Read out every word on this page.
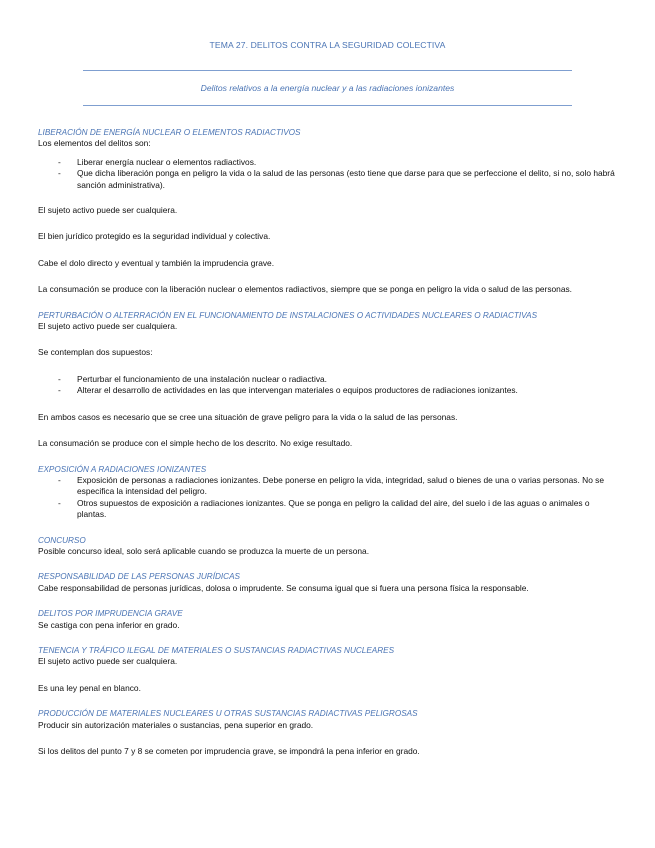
TEMA 27. DELITOS CONTRA LA SEGURIDAD COLECTIVA
Delitos relativos a la energía nuclear y a las radiaciones ionizantes

LIBERACIÓN DE ENERGÍA NUCLEAR O ELEMENTOS RADIACTIVOS

Los elementos del delitos son:

- Liberar energía nuclear o elementos radiactivos.
- Que dicha liberación ponga en peligro la vida o la salud de las personas (esto tiene que darse para que se perfeccione el delito, si no, solo habrá sanción administrativa).

El sujeto activo puede ser cualquiera.

El bien jurídico protegido es la seguridad individual y colectiva.

Cabe el dolo directo y eventual y también la imprudencia grave.

La consumación se produce con la liberación nuclear o elementos radiactivos, siempre que se ponga en peligro la vida o salud de las personas.

PERTURBACIÓN O ALTERRACIÓN EN EL FUNCIONAMIENTO DE INSTALACIONES O ACTIVIDADES NUCLEARES O RADIACTIVAS

El sujeto activo puede ser cualquiera.

Se contemplan dos supuestos:

- Perturbar el funcionamiento de una instalación nuclear o radiactiva.
- Alterar el desarrollo de actividades en las que intervengan materiales o equipos productores de radiaciones ionizantes.

En ambos casos es necesario que se cree una situación de grave peligro para la vida o la salud de las personas.

La consumación se produce con el simple hecho de los descrito. No exige resultado.

EXPOSICIÓN A RADIACIONES IONIZANTES

- Exposición de personas a radiaciones ionizantes. Debe ponerse en peligro la vida, integridad, salud o bienes de una o varias personas. No se especifica la intensidad del peligro.
- Otros supuestos de exposición a radiaciones ionizantes. Que se ponga en peligro la calidad del aire, del suelo i de las aguas o animales o plantas.

CONCURSO

Posible concurso ideal, solo será aplicable cuando se produzca la muerte de un persona.

RESPONSABILIDAD DE LAS PERSONAS JURÍDICAS

Cabe responsabilidad de personas jurídicas, dolosa o imprudente. Se consuma igual que si fuera una persona física la responsable.

DELITOS POR IMPRUDENCIA GRAVE

Se castiga con pena inferior en grado.

TENENCIA Y TRÁFICO ILEGAL DE MATERIALES O SUSTANCIAS RADIACTIVAS NUCLEARES

El sujeto activo puede ser cualquiera.

Es una ley penal en blanco.

PRODUCCIÓN DE MATERIALES NUCLEARES U OTRAS SUSTANCIAS RADIACTIVAS PELIGROSAS

Producir sin autorización materiales o sustancias, pena superior en grado.

Si los delitos del punto 7 y 8 se cometen por imprudencia grave, se impondrá la pena inferior en grado.
